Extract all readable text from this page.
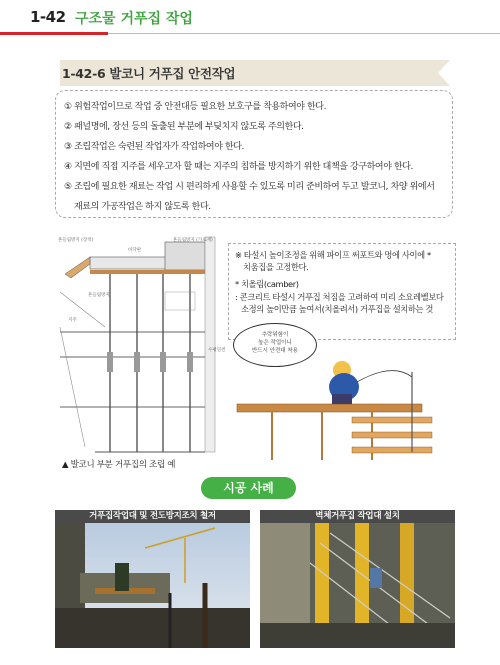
1-42 구조물 거푸집 작업
1-42-6 발코니 거푸집 안전작업
① 위험작업이므로 작업 중 안전대등 필요한 보호구를 착용하여야 한다.
② 패널명에, 장선 등의 돌출된 부분에 부딪치지 않도록 주의한다.
③ 조립작업은 숙련된 작업자가 작업하여야 한다.
④ 지면에 직접 지주를 세우고자 할 때는 지주의 침하를 방지하기 위한 대책을 강구하여야 한다.
⑤ 조립에 필요한 재료는 작업 시 편리하게 사용할 수 있도록 미리 준비하여 두고 발코니, 차양 위에서
재료의 가공작업은 하지 않도록 한다.
흔들림방지 (장척)
지주
흔들림방지 (가로재)
흔들림방지
수평연결
바닥판
▲ 발코니 부분 거푸집의 조립 예
※ 타설시 높이조정을 위해 파이프 써포트와 멍에 사이에 *
치움집을 고정한다.
* 치올림(camber)
: 콘크리트 타설시 거푸집 처짐을 고려하여 미리 소요레벨보다
소정의 높이만큼 높여서(치올려서) 거푸집을 설치하는 것
추락위험이
높은 작업이니
반드시 안전대 착용
시공 사례
거푸집작업대 및 전도방지조치 철저	벽체거푸집 작업대 설치
